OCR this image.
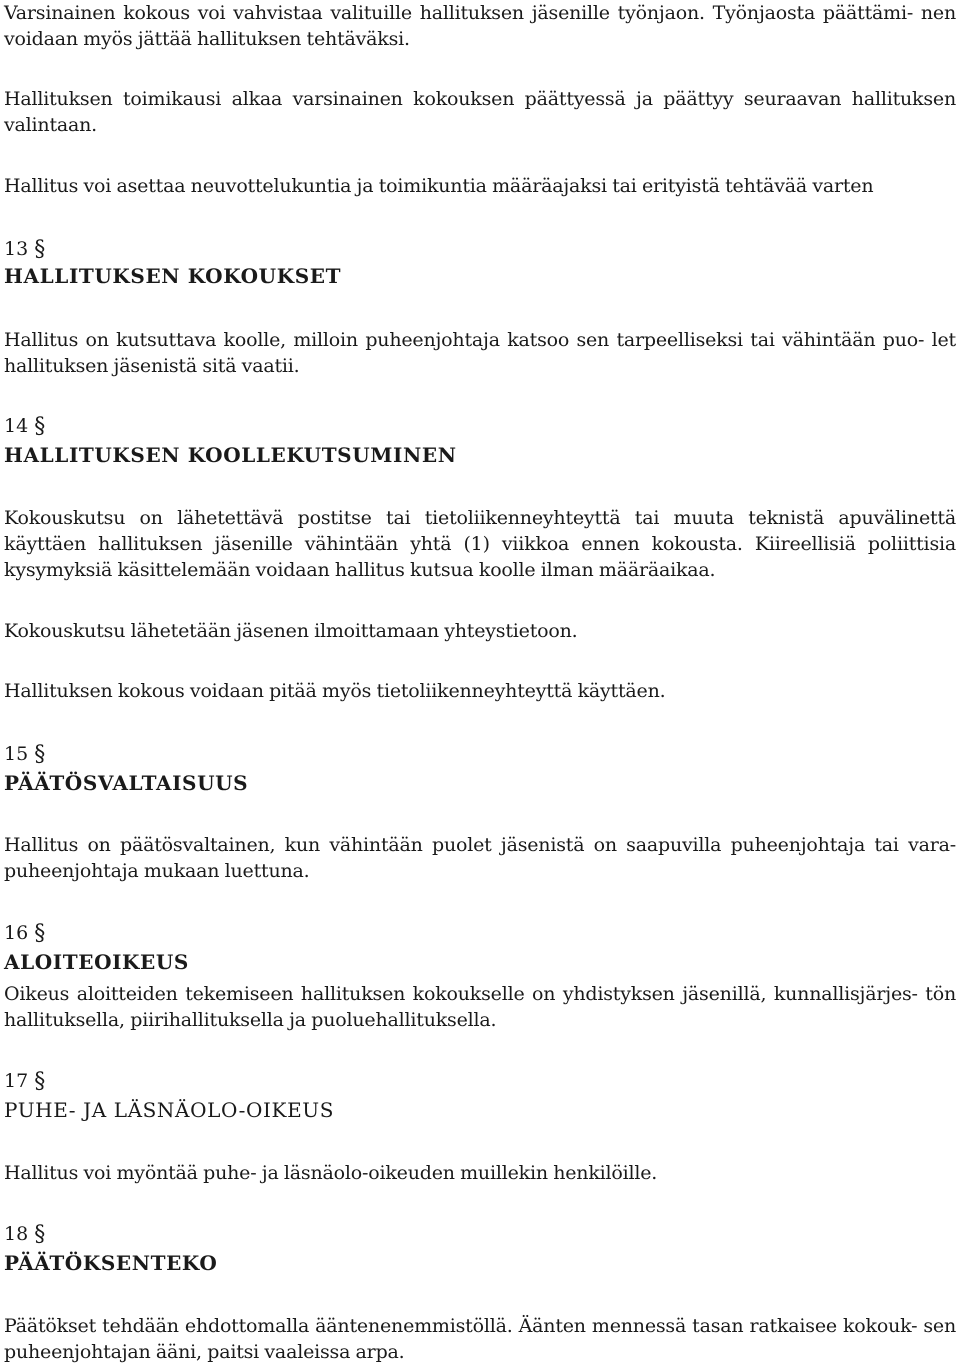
Varsinainen kokous voi vahvistaa valituille hallituksen jäsenille työnjaon. Työnjaosta päättämi- nen voidaan myös jättää hallituksen tehtäväksi.

Hallituksen toimikausi alkaa varsinainen kokouksen päättyessä ja päättyy seuraavan hallituksen valintaan.

Hallitus voi asettaa neuvottelukuntia ja toimikuntia määräajaksi tai erityistä tehtävää varten

13 §
HALLITUKSEN KOKOUKSET

Hallitus on kutsuttava koolle, milloin puheenjohtaja katsoo sen tarpeelliseksi tai vähintään puo- let hallituksen jäsenistä sitä vaatii.

14 §
HALLITUKSEN KOOLLEKUTSUMINEN

Kokouskutsu on lähetettävä postitse tai tietoliikenneyhteyttä tai muuta teknistä apuvälinettä käyttäen hallituksen jäsenille vähintään yhtä (1) viikkoa ennen kokousta. Kiireellisiä poliittisia kysymyksiä käsittelemään voidaan hallitus kutsua koolle ilman määräaikaa.

Kokouskutsu lähetetään jäsenen ilmoittamaan yhteystietoon.

Hallituksen kokous voidaan pitää myös tietoliikenneyhteyttä käyttäen.

15 §
PÄÄTÖSVALTAISUUS

Hallitus on päätösvaltainen, kun vähintään puolet jäsenistä on saapuvilla puheenjohtaja tai vara- puheenjohtaja mukaan luettuna.

16 §
ALOITEOIKEUS

Oikeus aloitteiden tekemiseen hallituksen kokoukselle on yhdistyksen jäsenillä, kunnallisjärjes- tön hallituksella, piirihallituksella ja puoluehallituksella.

17 §
PUHE- JA LÄSNÄOLO-OIKEUS

Hallitus voi myöntää puhe- ja läsnäolo-oikeuden muillekin henkilöille.

18 §
PÄÄTÖKSENTEKO

Päätökset tehdään ehdottomalla ääntenenemmistöllä. Äänten mennessä tasan ratkaisee kokouk- sen puheenjohtajan ääni, paitsi vaaleissa arpa.
